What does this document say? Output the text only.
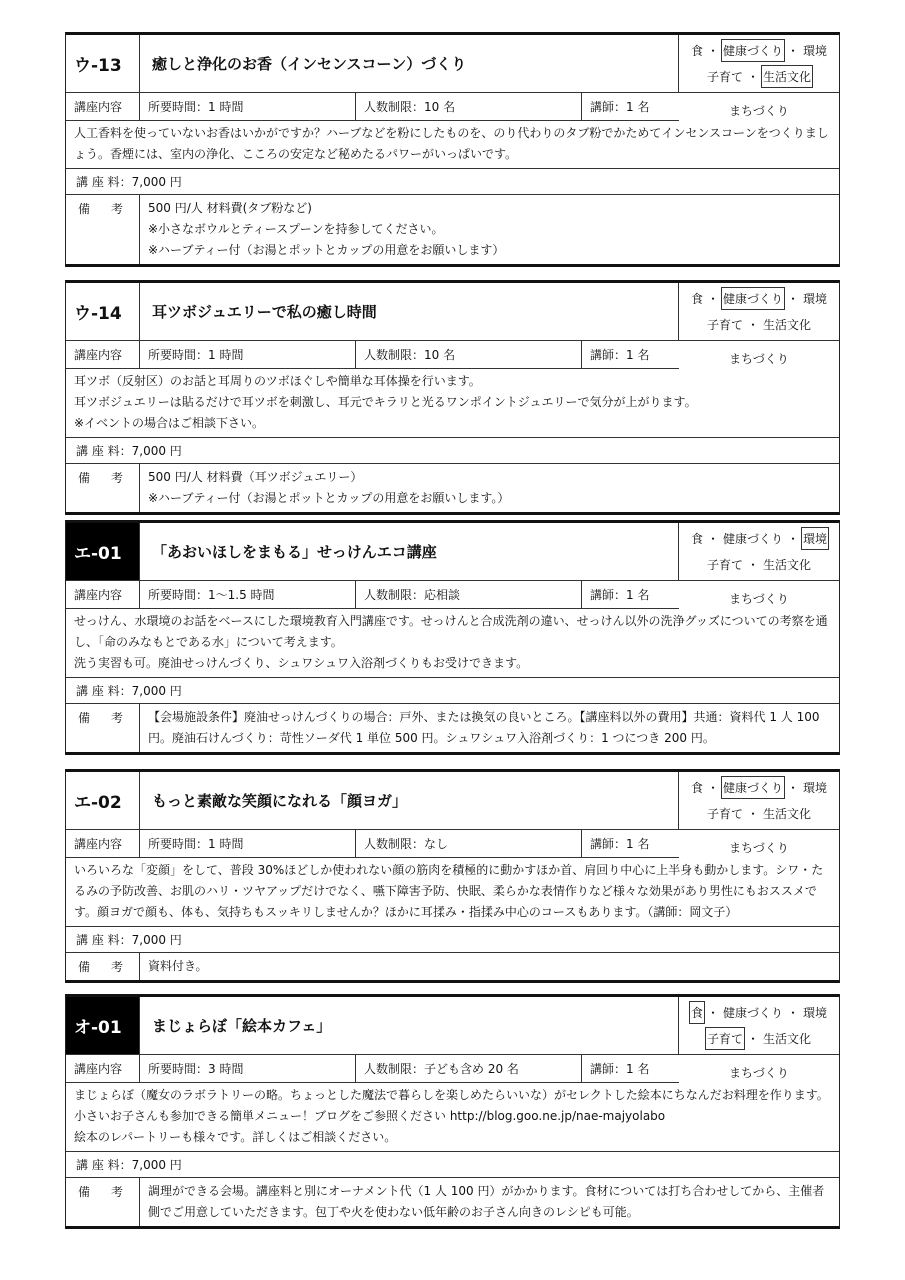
ウ-13	癒しと浄化のお香（インセンスコーン）づくり
食 ・ 健康づくり ・ 環境
子育て ・ 生活文化
まちづくり
講座内容	所要時間：1 時間	人数制限：10 名	講師：1 名

人工香料を使っていないお香はいかがですか？ハーブなどを粉にしたものを、のり代わりのタブ粉でかためてインセンスコーンをつくりましょう。香煙には、室内の浄化、こころの安定など秘めたるパワーがいっぱいです。

講 座 料 ：7,000 円
備 考 500 円/人 材料費(タブ粉など)

※小さなボウルとティースプーンを持参してください。

※ハーブティー付（お湯とポットとカップの用意をお願いします）

ウ-14	耳ツボジュエリーで私の癒し時間
食 ・ 健康づくり ・ 環境
子育て ・ 生活文化
まちづくり
講座内容	所要時間：1 時間	人数制限：10 名	講師：1 名

耳ツボ（反射区）のお話と耳周りのツボほぐしや簡単な耳体操を行います。

耳ツボジュエリーは貼るだけで耳ツボを刺激し、耳元でキラリと光るワンポイントジュエリーで気分が上がります。

※イベントの場合はご相談下さい。

講 座 料 ：7,000 円
備 考 500 円/人 材料費（耳ツボジュエリー）

※ハーブティー付（お湯とポットとカップの用意をお願いします。）

エ-01	「あおいほしをまもる」せっけんエコ講座
食 ・ 健康づくり ・ 環境
子育て ・ 生活文化
まちづくり
講座内容	所要時間：1～1.5 時間	人数制限：応相談	講師：1 名

せっけん、水環境のお話をベースにした環境教育入門講座です。せっけんと合成洗剤の違い、せっけん以外の洗浄グッズについての考察を通し、「命のみなもとである水」について考えます。

洗う実習も可。廃油せっけんづくり、シュワシュワ入浴剤づくりもお受けできます。

講 座 料 ：7,000 円
備 考 【会場施設条件】廃油せっけんづくりの場合：戸外、または換気の良いところ。【講座料以外の費用】共通：資料代 1 人 100 円。廃油石けんづくり：苛性ソーダ代 1 単位 500 円。シュワシュワ入浴剤づくり：1 つにつき 200 円。

エ-02	もっと素敵な笑顔になれる「顔ヨガ」
食 ・ 健康づくり ・ 環境
子育て ・ 生活文化
まちづくり
講座内容	所要時間：1 時間	人数制限：なし	講師：1 名

いろいろな「変顔」をして、普段 30%ほどしか使われない顔の筋肉を積極的に動かすほか首、肩回り中心に上半身も動かします。シワ・たるみの予防改善、お肌のハリ・ツヤアップだけでなく、嚥下障害予防、快眠、柔らかな表情作りなど様々な効果があり男性にもおススメです。顔ヨガで顔も、体も、気持ちもスッキリしませんか？ほかに耳揉み・指揉み中心のコースもあります。（講師：岡文子）

講 座 料 ：7,000 円
備 考 資料付き。

オ-01	まじょらぼ「絵本カフェ」
食 ・ 健康づくり ・ 環境
子育て ・ 生活文化
まちづくり
講座内容	所要時間：3 時間	人数制限：子ども含め 20 名	講師：1 名

まじょらぼ（魔女のラボラトリーの略。ちょっとした魔法で暮らしを楽しめたらいいな）がセレクトした絵本にちなんだお料理を作ります。小さいお子さんも参加できる簡単メニュー！ブログをご参照ください http://blog.goo.ne.jp/nae-majyolabo

絵本のレパートリーも様々です。詳しくはご相談ください。

講 座 料 ：7,000 円
備 考 調理ができる会場。講座料と別にオーナメント代（1 人 100 円）がかかります。食材については打ち合わせしてから、主催者側でご用意していただきます。包丁や火を使わない低年齢のお子さん向きのレシピも可能。
